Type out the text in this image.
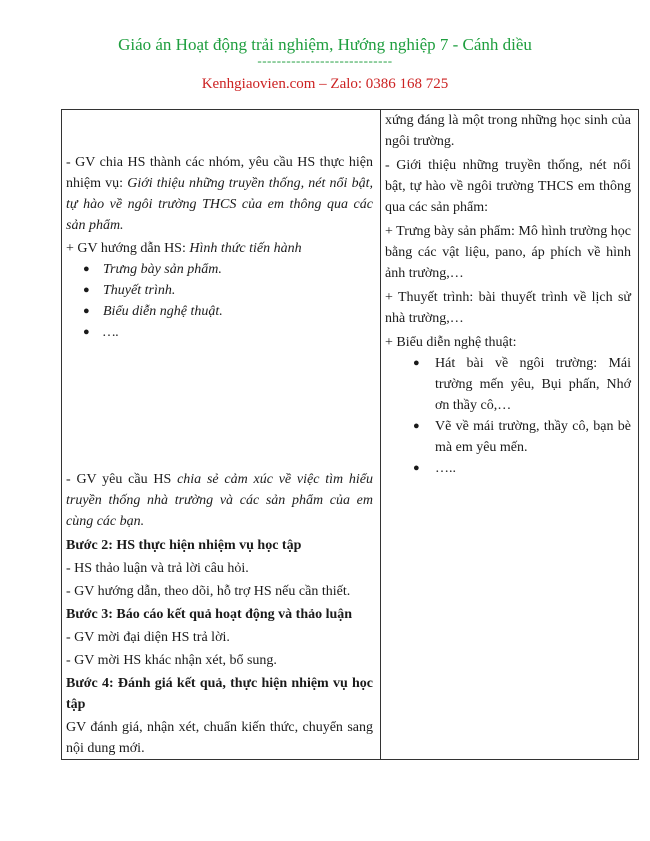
Giáo án Hoạt động trải nghiệm, Hướng nghiệp 7 - Cánh diều
----------------------------
Kenhgiaovien.com – Zalo: 0386 168 725

- GV chia HS thành các nhóm, yêu cầu HS thực hiện nhiệm vụ: Giới thiệu những truyền thống, nét nổi bật, tự hào về ngôi trường THCS của em thông qua các sản phẩm.

+ GV hướng dẫn HS: Hình thức tiến hành

● Trưng bày sản phẩm.
● Thuyết trình.
● Biểu diễn nghệ thuật.
● ….

- GV yêu cầu HS chia sẻ cảm xúc về việc tìm hiểu truyền thống nhà trường và các sản phẩm của em cùng các bạn.

Bước 2: HS thực hiện nhiệm vụ học tập

- HS thảo luận và trả lời câu hỏi.

- GV hướng dẫn, theo dõi, hỗ trợ HS nếu cần thiết.

Bước 3: Báo cáo kết quả hoạt động và thảo luận

- GV mời đại diện HS trả lời.

- GV mời HS khác nhận xét, bổ sung.

Bước 4: Đánh giá kết quả, thực hiện nhiệm vụ học tập

GV đánh giá, nhận xét, chuẩn kiến thức, chuyển sang nội dung mới.

xứng đáng là một trong những học sinh của ngôi trường.

- Giới thiệu những truyền thống, nét nổi bật, tự hào về ngôi trường THCS em thông qua các sản phẩm:

+ Trưng bày sản phẩm: Mô hình trường học bằng các vật liệu, pano, áp phích về hình ảnh trường,…

+ Thuyết trình: bài thuyết trình về lịch sử nhà trường,…

+ Biểu diễn nghệ thuật:

● Hát bài về ngôi trường: Mái trường mến yêu, Bụi phấn, Nhớ ơn thầy cô,…
● Vẽ về mái trường, thầy cô, bạn bè mà em yêu mến.
● …..
